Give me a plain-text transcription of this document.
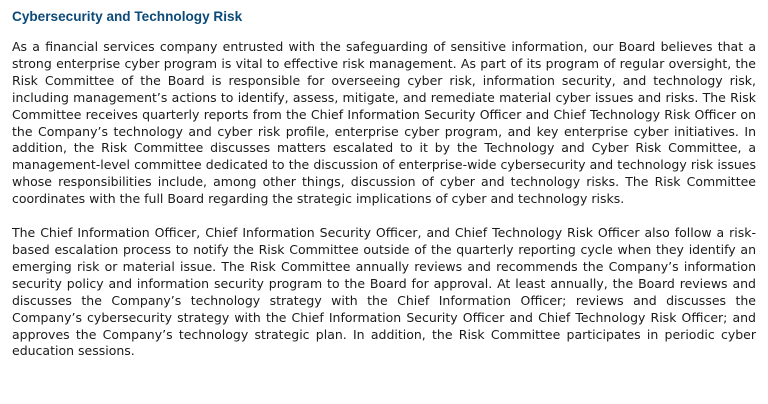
Cybersecurity and Technology Risk

As a financial services company entrusted with the safeguarding of sensitive information, our Board believes that a strong enterprise cyber program is vital to effective risk management. As part of its program of regular oversight, the Risk Committee of the Board is responsible for overseeing cyber risk, information security, and technology risk, including management’s actions to identify, assess, mitigate, and remediate material cyber issues and risks. The Risk Committee receives quarterly reports from the Chief Information Security Officer and Chief Technology Risk Officer on the Company’s technology and cyber risk profile, enterprise cyber program, and key enterprise cyber initiatives. In addition, the Risk Committee discusses matters escalated to it by the Technology and Cyber Risk Committee, a management-level committee dedicated to the discussion of enterprise-wide cybersecurity and technology risk issues whose responsibilities include, among other things, discussion of cyber and technology risks. The Risk Committee coordinates with the full Board regarding the strategic implications of cyber and technology risks.

The Chief Information Officer, Chief Information Security Officer, and Chief Technology Risk Officer also follow a risk-based escalation process to notify the Risk Committee outside of the quarterly reporting cycle when they identify an emerging risk or material issue. The Risk Committee annually reviews and recommends the Company’s information security policy and information security program to the Board for approval. At least annually, the Board reviews and discusses the Company’s technology strategy with the Chief Information Officer; reviews and discusses the Company’s cybersecurity strategy with the Chief Information Security Officer and Chief Technology Risk Officer; and approves the Company’s technology strategic plan. In addition, the Risk Committee participates in periodic cyber education sessions.
